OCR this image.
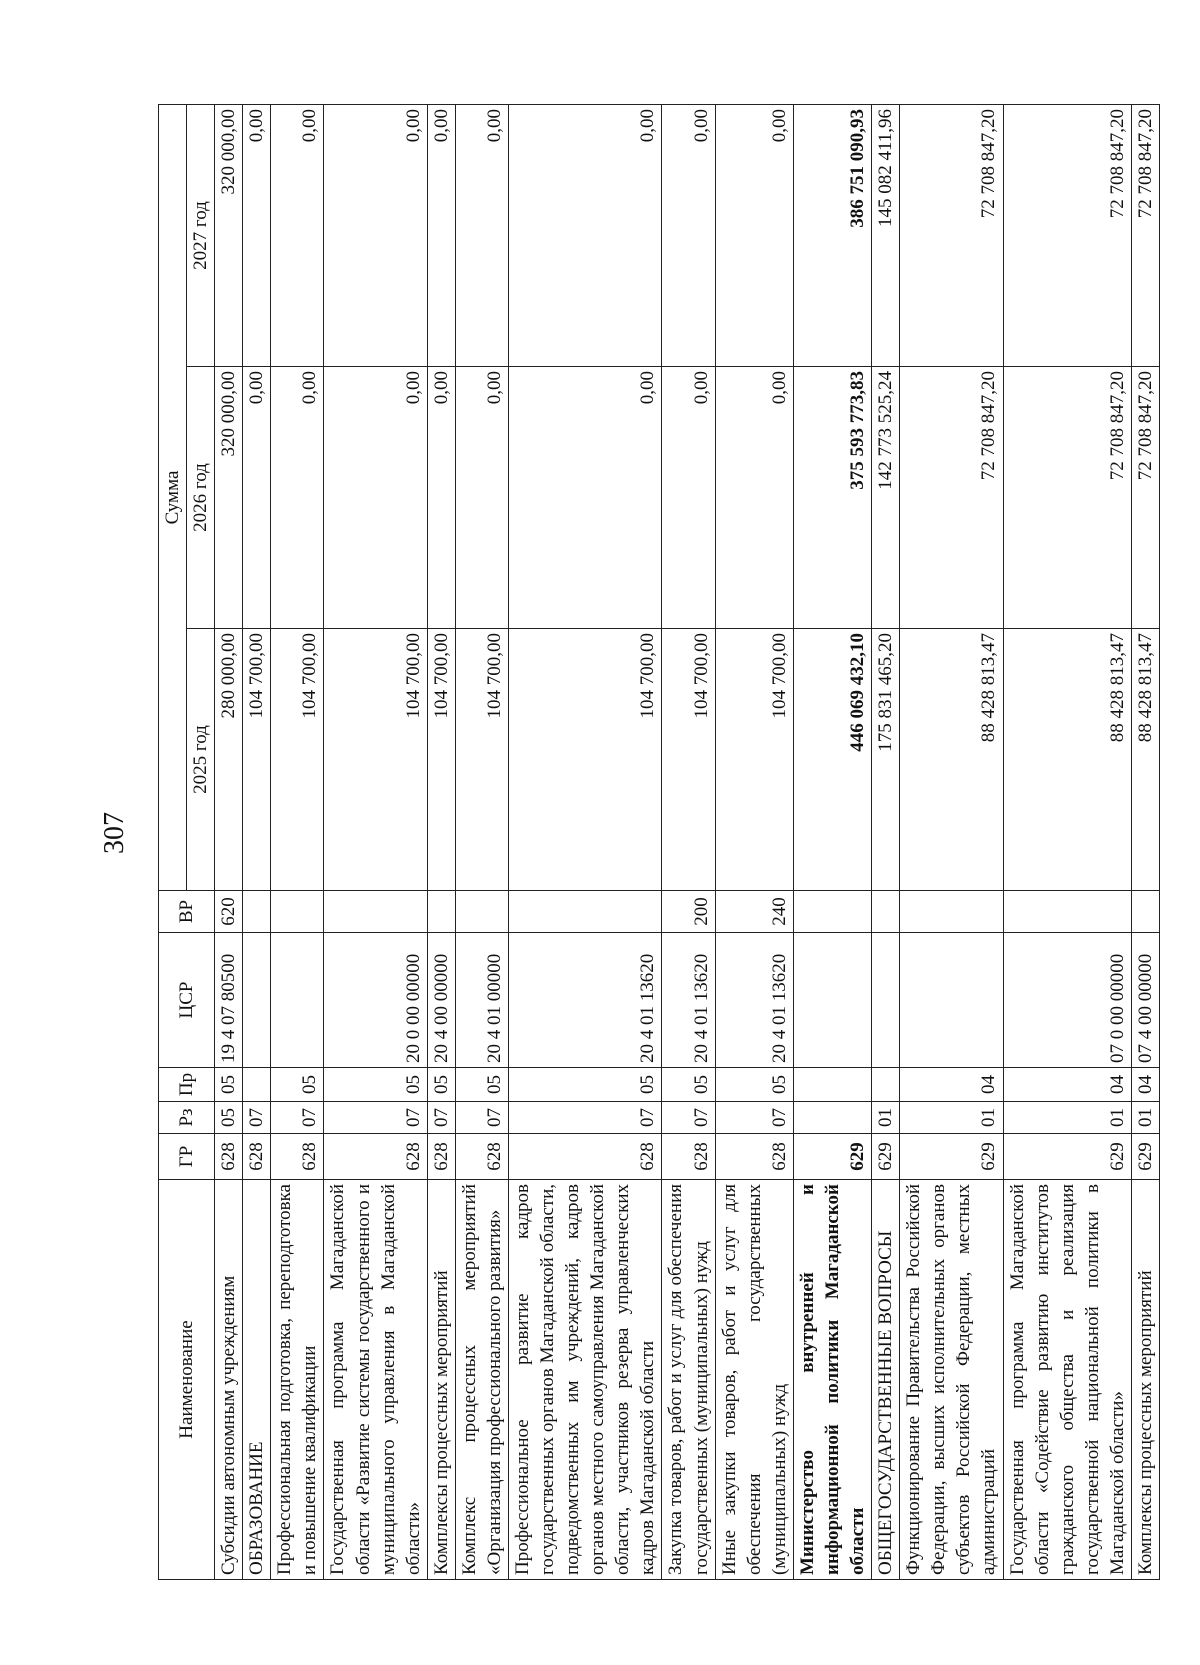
307
Наименование	ГР	Рз	Пр	ЦСР	ВР	Сумма		
						2025 год	2026 год	2027 год
Субсидии автономным учреждениям	628	05	05	19 4 07 80500	620	280 000,00	320 000,00	320 000,00
ОБРАЗОВАНИЕ	628	07				104 700,00	0,00	0,00
Профессиональная подготовка, переподготовка и повышение квалификации	628	07	05			104 700,00	0,00	0,00
Государственная программа Магаданской области «Развитие системы государственного и муниципального управления в Магаданской области»	628	07	05	20 0 00 00000		104 700,00	0,00	0,00
Комплексы процессных мероприятий	628	07	05	20 4 00 00000		104 700,00	0,00	0,00
Комплекс процессных мероприятий «Организация профессионального развития»	628	07	05	20 4 01 00000		104 700,00	0,00	0,00
Профессиональное развитие кадров государственных органов Магаданской области, подведомственных им учреждений, кадров органов местного самоуправления Магаданской области, участников резерва управленческих кадров Магаданской области	628	07	05	20 4 01 13620		104 700,00	0,00	0,00
Закупка товаров, работ и услуг для обеспечения государственных (муниципальных) нужд	628	07	05	20 4 01 13620	200	104 700,00	0,00	0,00
Иные закупки товаров, работ и услуг для обеспечения государственных (муниципальных) нужд	628	07	05	20 4 01 13620	240	104 700,00	0,00	0,00
Министерство внутренней и информационной политики Магаданской области	629					446 069 432,10	375 593 773,83	386 751 090,93
ОБЩЕГОСУДАРСТВЕННЫЕ ВОПРОСЫ	629	01				175 831 465,20	142 773 525,24	145 082 411,96
Функционирование Правительства Российской Федерации, высших исполнительных органов субъектов Российской Федерации, местных администраций	629	01	04			88 428 813,47	72 708 847,20	72 708 847,20
Государственная программа Магаданской области «Содействие развитию институтов гражданского общества и реализация государственной национальной политики в Магаданской области»	629	01	04	07 0 00 00000		88 428 813,47	72 708 847,20	72 708 847,20
Комплексы процессных мероприятий	629	01	04	07 4 00 00000		88 428 813,47	72 708 847,20	72 708 847,20
